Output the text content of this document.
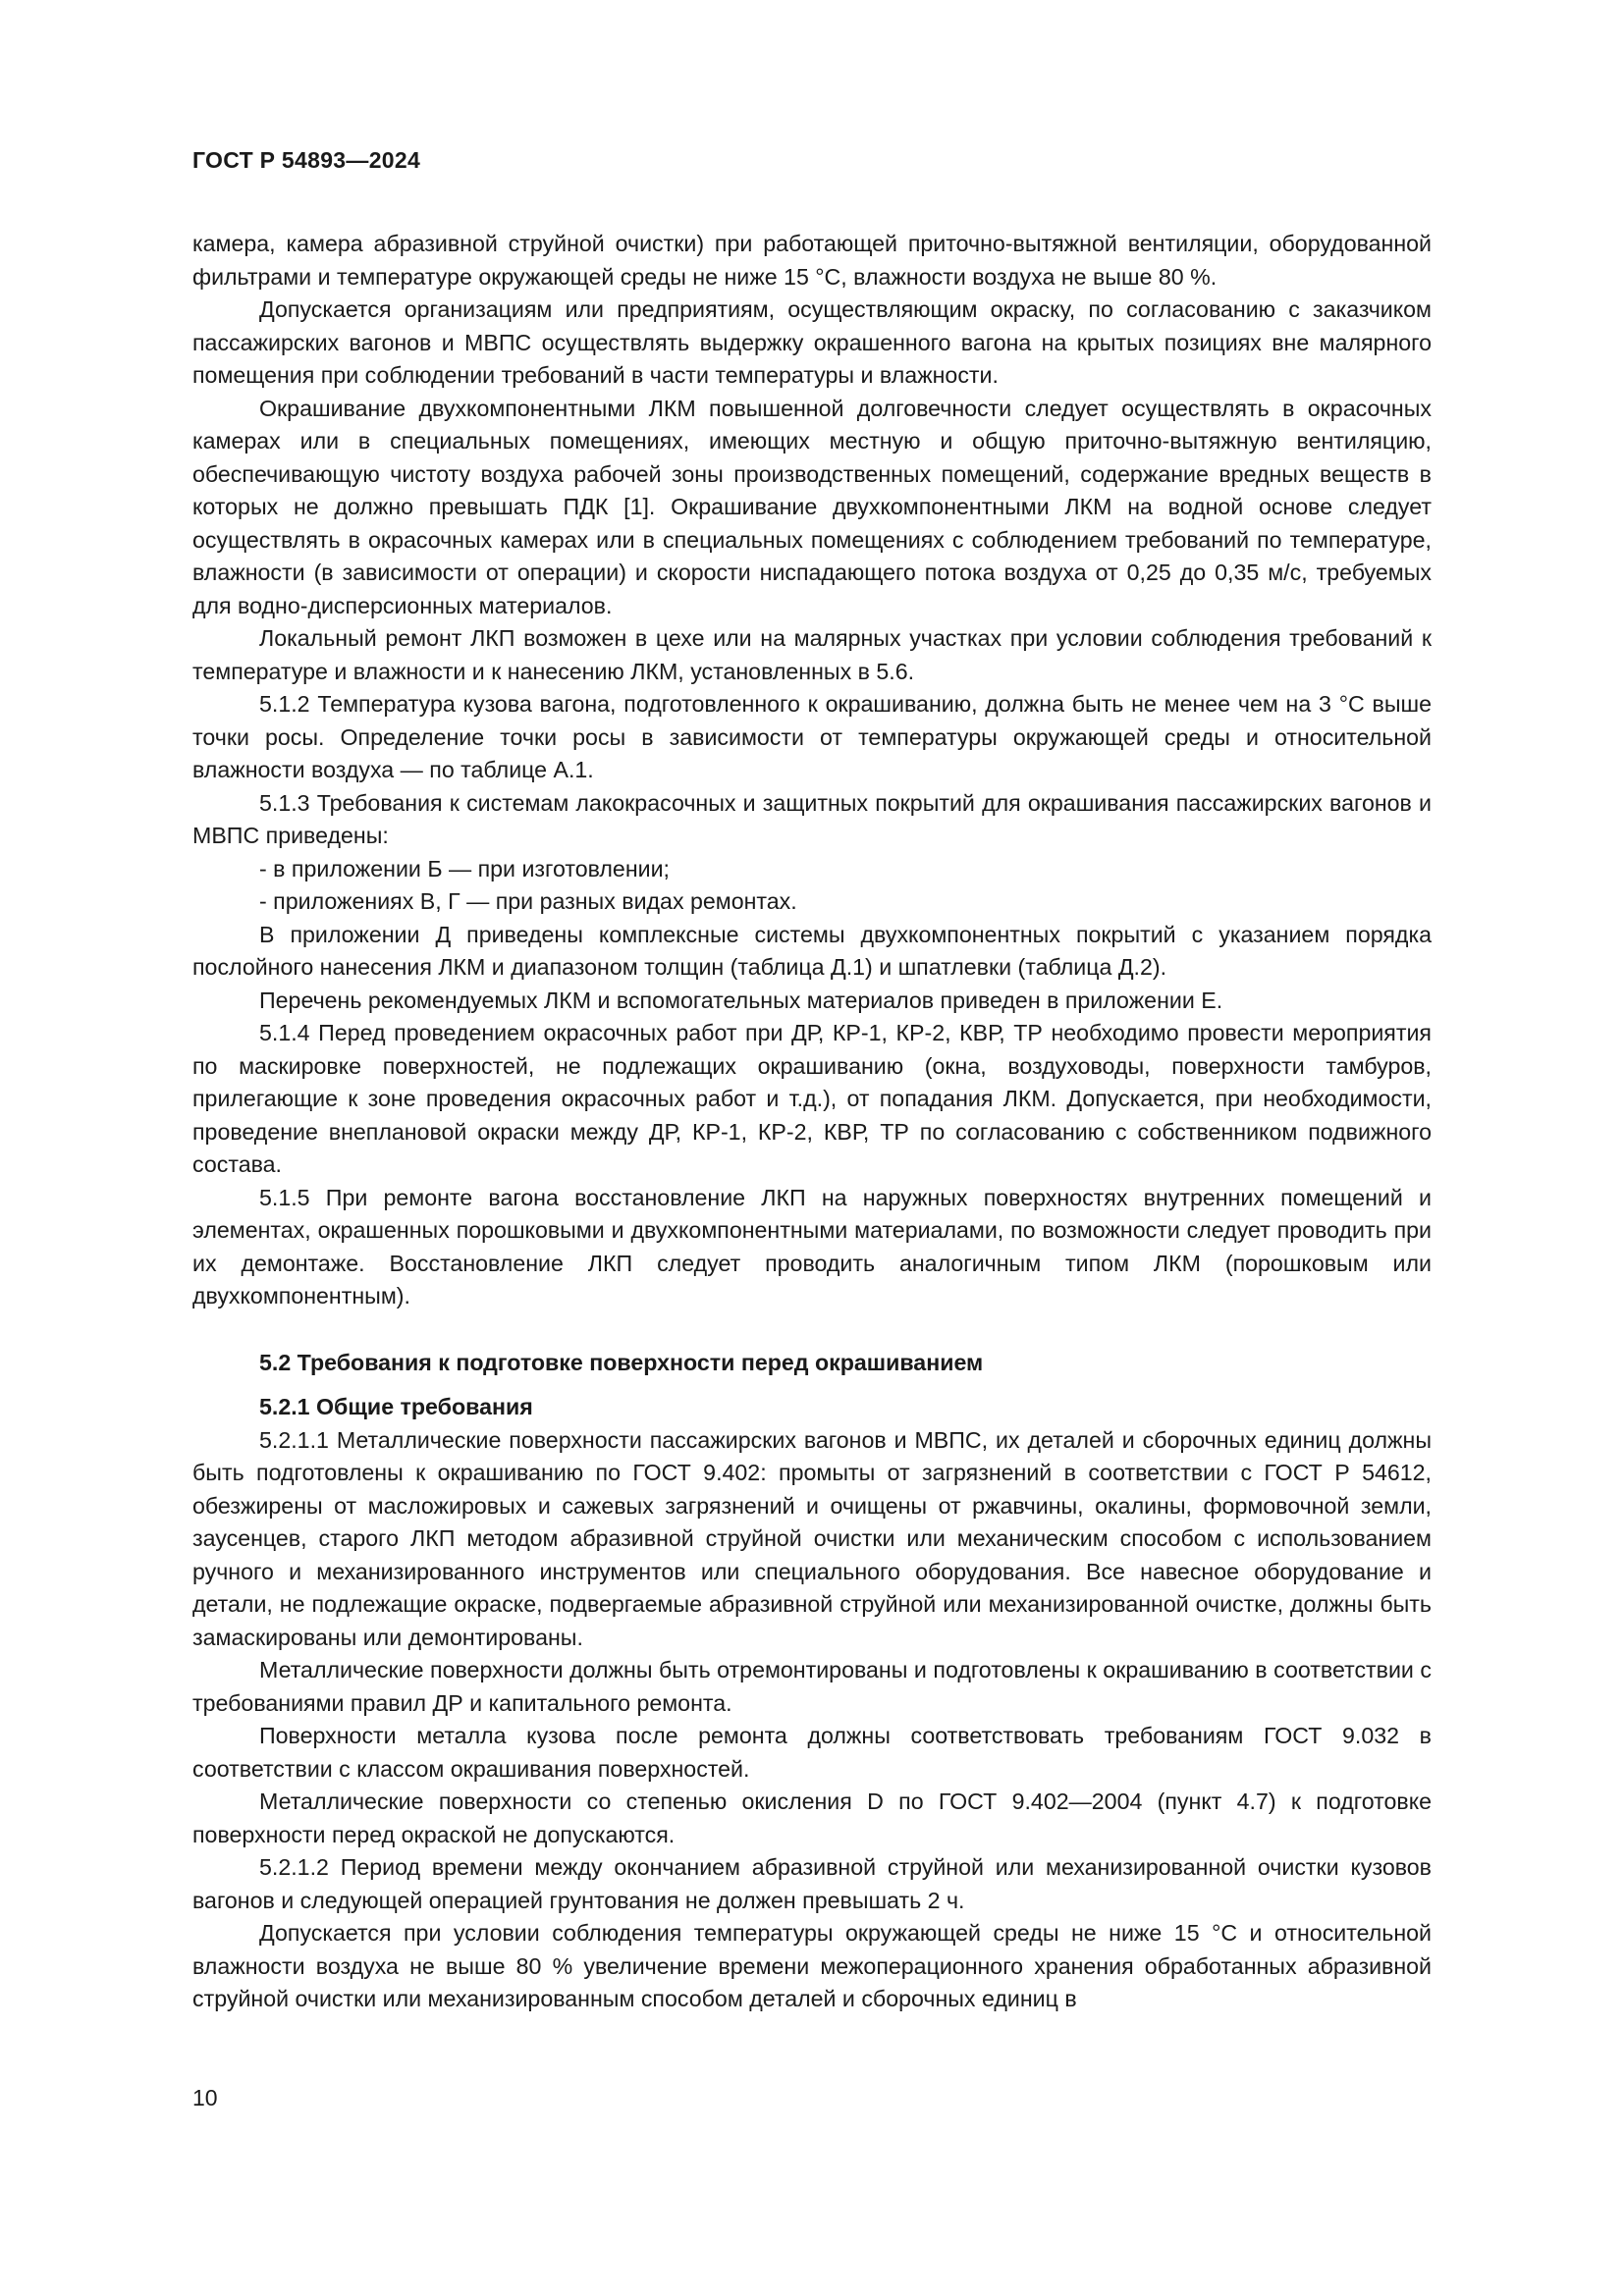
ГОСТ Р 54893—2024

камера, камера абразивной струйной очистки) при работающей приточно-вытяжной вентиляции, оборудованной фильтрами и температуре окружающей среды не ниже 15 °С, влажности воздуха не выше 80 %.

Допускается организациям или предприятиям, осуществляющим окраску, по согласованию с заказчиком пассажирских вагонов и МВПС осуществлять выдержку окрашенного вагона на крытых позициях вне малярного помещения при соблюдении требований в части температуры и влажности.

Окрашивание двухкомпонентными ЛКМ повышенной долговечности следует осуществлять в окрасочных камерах или в специальных помещениях, имеющих местную и общую приточно-вытяжную вентиляцию, обеспечивающую чистоту воздуха рабочей зоны производственных помещений, содержание вредных веществ в которых не должно превышать ПДК [1]. Окрашивание двухкомпонентными ЛКМ на водной основе следует осуществлять в окрасочных камерах или в специальных помещениях с соблюдением требований по температуре, влажности (в зависимости от операции) и скорости ниспадающего потока воздуха от 0,25 до 0,35 м/с, требуемых для водно-дисперсионных материалов.

Локальный ремонт ЛКП возможен в цехе или на малярных участках при условии соблюдения требований к температуре и влажности и к нанесению ЛКМ, установленных в 5.6.

5.1.2 Температура кузова вагона, подготовленного к окрашиванию, должна быть не менее чем на 3 °С выше точки росы. Определение точки росы в зависимости от температуры окружающей среды и относительной влажности воздуха — по таблице А.1.

5.1.3 Требования к системам лакокрасочных и защитных покрытий для окрашивания пассажирских вагонов и МВПС приведены:

- в приложении Б — при изготовлении;

- приложениях В, Г — при разных видах ремонтах.

В приложении Д приведены комплексные системы двухкомпонентных покрытий с указанием порядка послойного нанесения ЛКМ и диапазоном толщин (таблица Д.1) и шпатлевки (таблица Д.2).

Перечень рекомендуемых ЛКМ и вспомогательных материалов приведен в приложении Е.

5.1.4 Перед проведением окрасочных работ при ДР, КР-1, КР-2, КВР, ТР необходимо провести мероприятия по маскировке поверхностей, не подлежащих окрашиванию (окна, воздуховоды, поверхности тамбуров, прилегающие к зоне проведения окрасочных работ и т.д.), от попадания ЛКМ. Допускается, при необходимости, проведение внеплановой окраски между ДР, КР-1, КР-2, КВР, ТР по согласованию с собственником подвижного состава.

5.1.5 При ремонте вагона восстановление ЛКП на наружных поверхностях внутренних помещений и элементах, окрашенных порошковыми и двухкомпонентными материалами, по возможности следует проводить при их демонтаже. Восстановление ЛКП следует проводить аналогичным типом ЛКМ (порошковым или двухкомпонентным).

5.2 Требования к подготовке поверхности перед окрашиванием

5.2.1 Общие требования

5.2.1.1 Металлические поверхности пассажирских вагонов и МВПС, их деталей и сборочных единиц должны быть подготовлены к окрашиванию по ГОСТ 9.402: промыты от загрязнений в соответствии с ГОСТ Р 54612, обезжирены от масложировых и сажевых загрязнений и очищены от ржавчины, окалины, формовочной земли, заусенцев, старого ЛКП методом абразивной струйной очистки или механическим способом с использованием ручного и механизированного инструментов или специального оборудования. Все навесное оборудование и детали, не подлежащие окраске, подвергаемые абразивной струйной или механизированной очистке, должны быть замаскированы или демонтированы.

Металлические поверхности должны быть отремонтированы и подготовлены к окрашиванию в соответствии с требованиями правил ДР и капитального ремонта.

Поверхности металла кузова после ремонта должны соответствовать требованиям ГОСТ 9.032 в соответствии с классом окрашивания поверхностей.

Металлические поверхности со степенью окисления D по ГОСТ 9.402—2004 (пункт 4.7) к подготовке поверхности перед окраской не допускаются.

5.2.1.2 Период времени между окончанием абразивной струйной или механизированной очистки кузовов вагонов и следующей операцией грунтования не должен превышать 2 ч.

Допускается при условии соблюдения температуры окружающей среды не ниже 15 °С и относительной влажности воздуха не выше 80 % увеличение времени межоперационного хранения обработанных абразивной струйной очистки или механизированным способом деталей и сборочных единиц в

10
